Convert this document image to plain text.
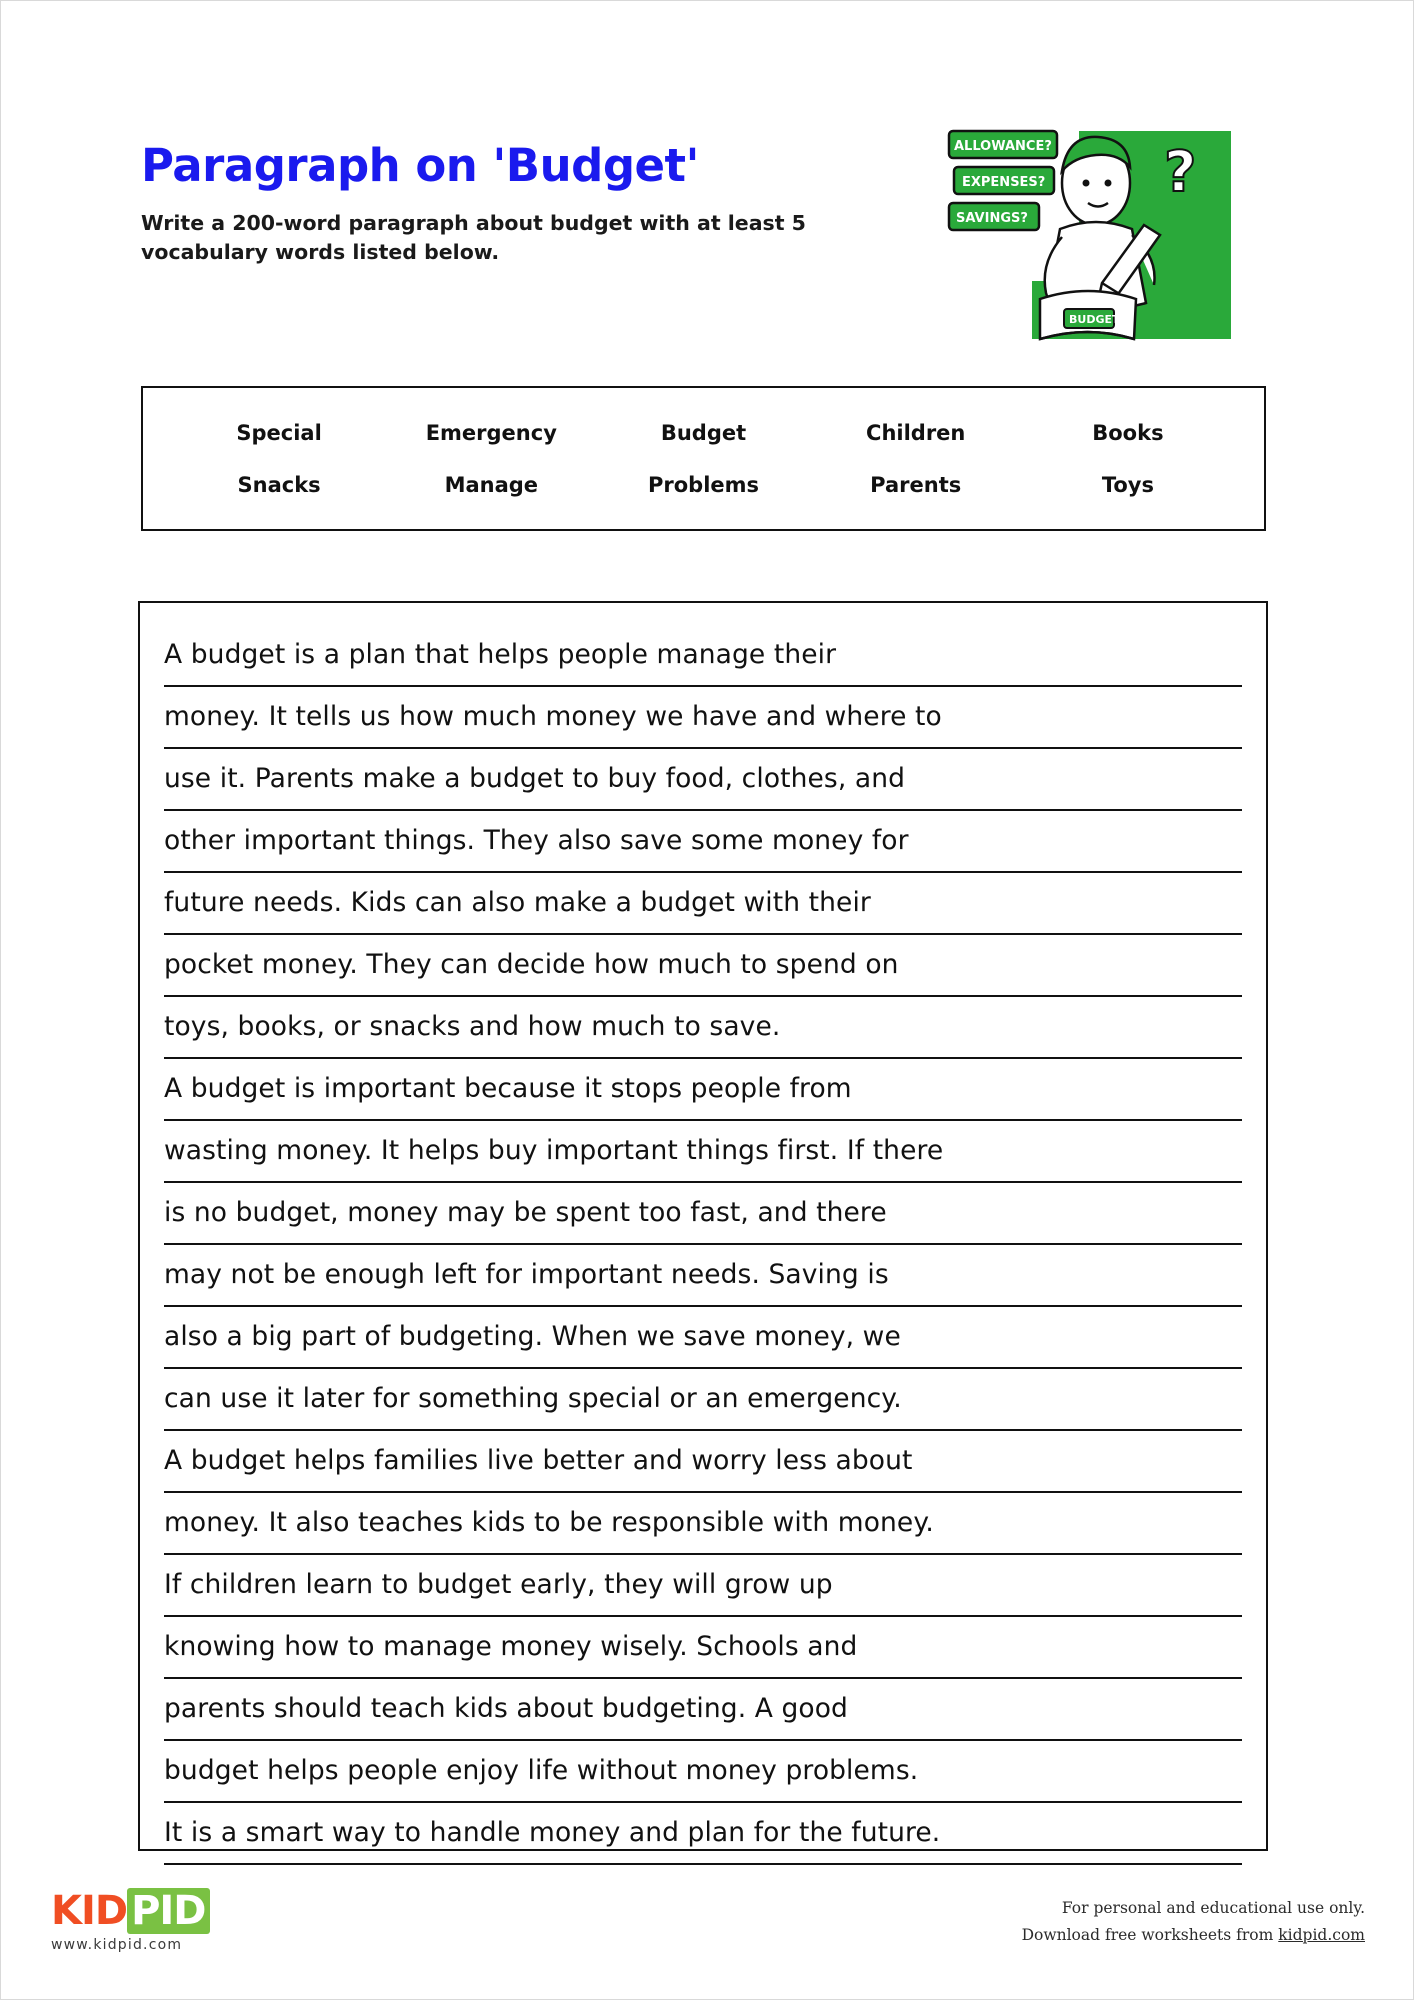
Paragraph on 'Budget'
Write a 200-word paragraph about budget with at least 5 vocabulary words listed below.
ALLOWANCE?
EXPENSES?
SAVINGS?
?
BUDGET
Special	Emergency	Budget	Children	Books
Snacks	Manage	Problems	Parents	Toys
A budget is a plan that helps people manage their
money. It tells us how much money we have and where to
use it. Parents make a budget to buy food, clothes, and
other important things. They also save some money for
future needs. Kids can also make a budget with their
pocket money. They can decide how much to spend on
toys, books, or snacks and how much to save.
A budget is important because it stops people from
wasting money. It helps buy important things first. If there
is no budget, money may be spent too fast, and there
may not be enough left for important needs. Saving is
also a big part of budgeting. When we save money, we
can use it later for something special or an emergency.
A budget helps families live better and worry less about
money. It also teaches kids to be responsible with money.
If children learn to budget early, they will grow up
knowing how to manage money wisely. Schools and
parents should teach kids about budgeting. A good
budget helps people enjoy life without money problems.
It is a smart way to handle money and plan for the future.
KID PID
www.kidpid.com
For personal and educational use only.
Download free worksheets from kidpid.com
